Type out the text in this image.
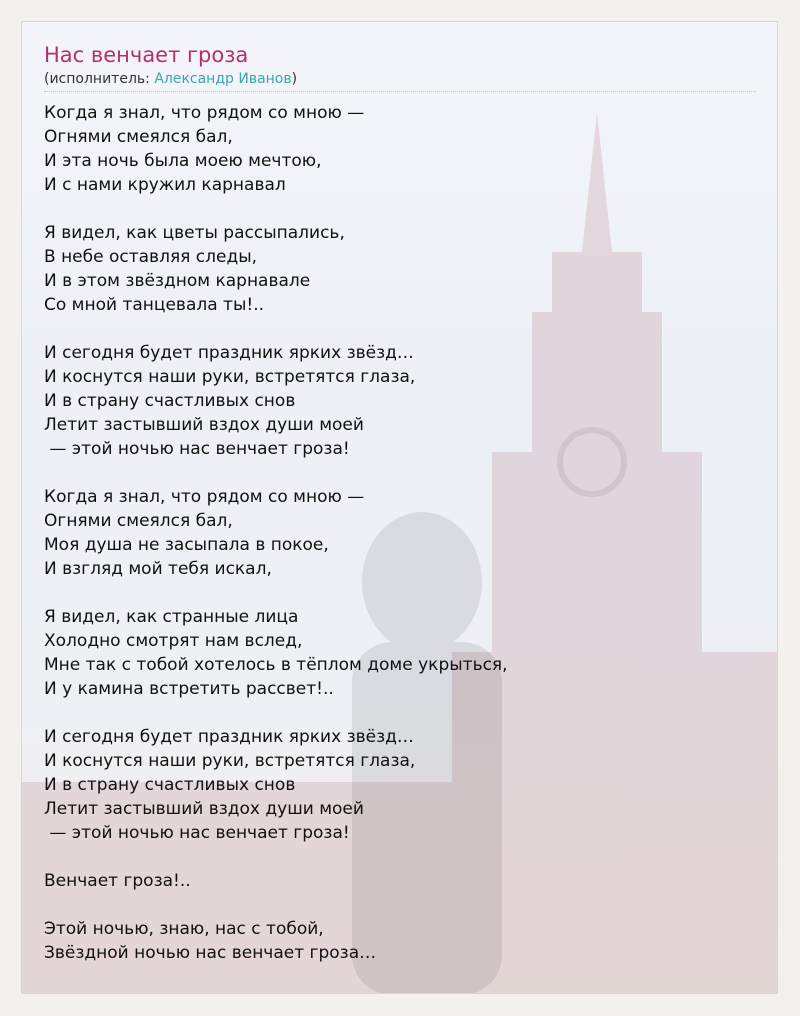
Нас венчает гроза
(исполнитель: Александр Иванов)
Когда я знал, что рядом со мною —
Огнями смеялся бал,
И эта ночь была моею мечтою,
И с нами кружил карнавал
Я видел, как цветы рассыпались,
В небе оставляя следы,
И в этом звёздном карнавале
Со мной танцевала ты!..
И сегодня будет праздник ярких звёзд…
И коснутся наши руки, встретятся глаза,
И в страну счастливых снов
Летит застывший вздох души моей
— этой ночью нас венчает гроза!
Когда я знал, что рядом со мною —
Огнями смеялся бал,
Моя душа не засыпала в покое,
И взгляд мой тебя искал,
Я видел, как странные лица
Холодно смотрят нам вслед,
Мне так с тобой хотелось в тёплом доме укрыться,
И у камина встретить рассвет!..
И сегодня будет праздник ярких звёзд…
И коснутся наши руки, встретятся глаза,
И в страну счастливых снов
Летит застывший вздох души моей
— этой ночью нас венчает гроза!
Венчает гроза!..
Этой ночью, знаю, нас с тобой,
Звёздной ночью нас венчает гроза…
